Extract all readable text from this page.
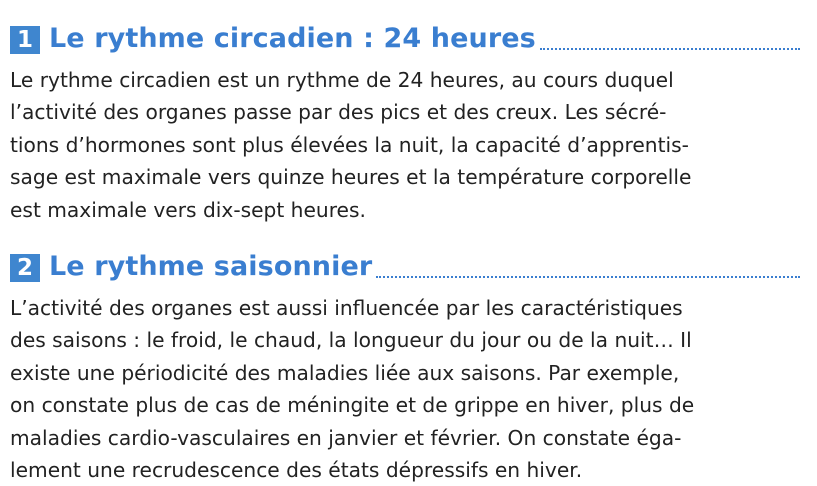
1 Le rythme circadien : 24 heures
Le rythme circadien est un rythme de 24 heures, au cours duquel
l’activité des organes passe par des pics et des creux. Les sécré-
tions d’hormones sont plus élevées la nuit, la capacité d’apprentis-
sage est maximale vers quinze heures et la température corporelle
est maximale vers dix-sept heures.
2 Le rythme saisonnier
L’activité des organes est aussi influencée par les caractéristiques
des saisons : le froid, le chaud, la longueur du jour ou de la nuit… Il
existe une périodicité des maladies liée aux saisons. Par exemple,
on constate plus de cas de méningite et de grippe en hiver, plus de
maladies cardio-vasculaires en janvier et février. On constate éga-
lement une recrudescence des états dépressifs en hiver.
